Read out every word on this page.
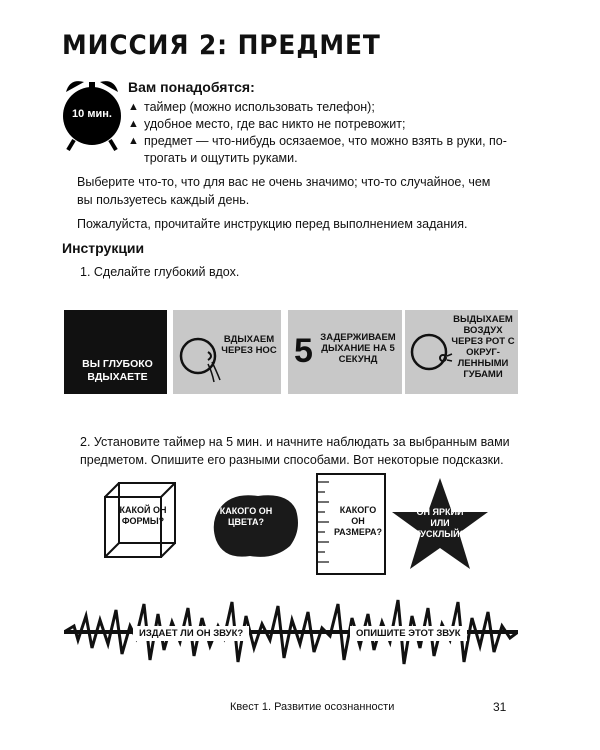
МИССИЯ 2: ПРЕДМЕТ
10 мин.
Вам понадобятся:
▲ таймер (можно использовать телефон);
▲ удобное место, где вас никто не потревожит;
▲ предмет — что-нибудь осязаемое, что можно взять в руки, по-трогать и ощутить руками.
Выберите что-то, что для вас не очень значимо; что-то случайное, чем вы пользуетесь каждый день.
Пожалуйста, прочитайте инструкцию перед выполнением задания.
Инструкции
1. Сделайте глубокий вдох.
ВЫ ГЛУБОКО ВДЫХАЕТЕ
ВДЫХАЕМ ЧЕРЕЗ НОС 5 ЗАДЕРЖИВАЕМ ДЫХАНИЕ НА 5 СЕКУНД
ВЫДЫХАЕМ ВОЗДУХ ЧЕРЕЗ РОТ С ОКРУГ-ЛЕННЫМИ ГУБАМИ
2. Установите таймер на 5 мин. и начните наблюдать за выбранным вами предметом. Опишите его разными способами. Вот некоторые подсказки.
КАКОЙ ОН ФОРМЫ?
КАКОГО ОН ЦВЕТА?
КАКОГО ОН РАЗМЕРА?
ОН ЯРКИЙ ИЛИ ТУСКЛЫЙ?
ИЗДАЕТ ЛИ ОН ЗВУК?	ОПИШИТЕ ЭТОТ ЗВУК
Квест 1. Развитие осознанности	31
